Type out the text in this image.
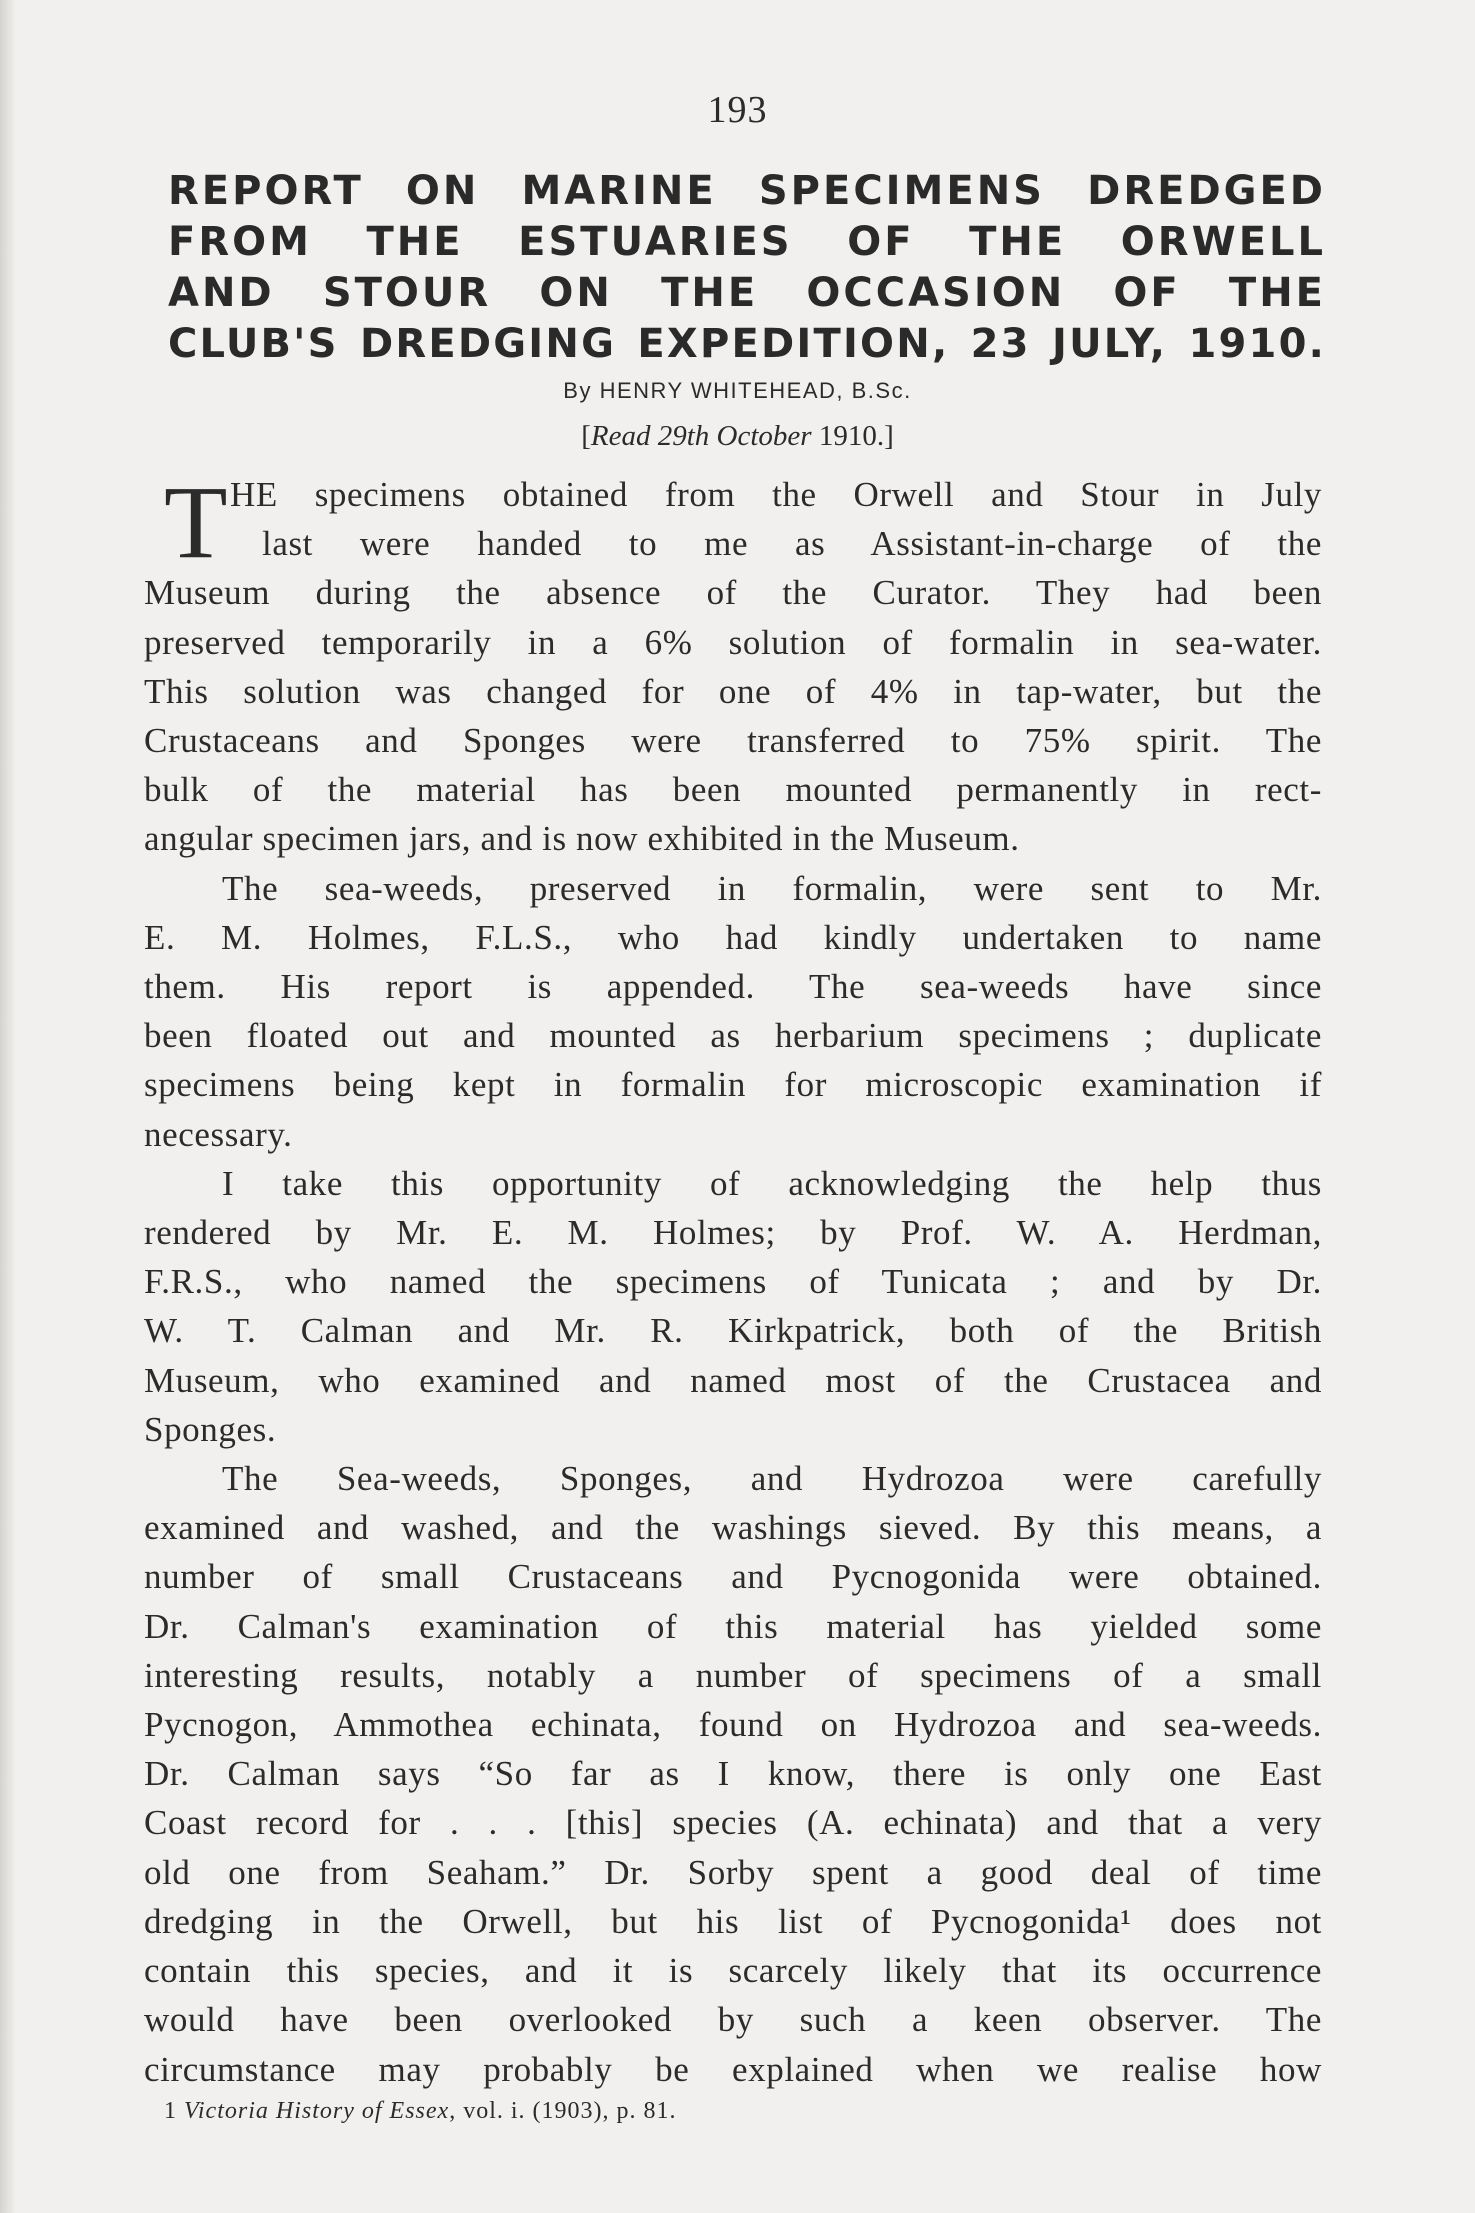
193
REPORT ON MARINE SPECIMENS DREDGED
FROM THE ESTUARIES OF THE ORWELL
AND STOUR ON THE OCCASION OF THE
CLUB'S DREDGING EXPEDITION, 23 JULY, 1910.
By HENRY WHITEHEAD, B.Sc.
[Read 29th October 1910.]
T HE specimens obtained from the Orwell and Stour in July
last were handed to me as Assistant-in-charge of the
Museum during the absence of the Curator. They had been
preserved temporarily in a 6% solution of formalin in sea-water.
This solution was changed for one of 4% in tap-water, but the
Crustaceans and Sponges were transferred to 75% spirit. The
bulk of the material has been mounted permanently in rect-
angular specimen jars, and is now exhibited in the Museum.

The sea-weeds, preserved in formalin, were sent to Mr.
E. M. Holmes, F.L.S., who had kindly undertaken to name
them. His report is appended. The sea-weeds have since
been floated out and mounted as herbarium specimens ; duplicate
specimens being kept in formalin for microscopic examination if
necessary.

I take this opportunity of acknowledging the help thus
rendered by Mr. E. M. Holmes; by Prof. W. A. Herdman,
F.R.S., who named the specimens of Tunicata ; and by Dr.
W. T. Calman and Mr. R. Kirkpatrick, both of the British
Museum, who examined and named most of the Crustacea and
Sponges.

The Sea-weeds, Sponges, and Hydrozoa were carefully
examined and washed, and the washings sieved. By this means, a
number of small Crustaceans and Pycnogonida were obtained.
Dr. Calman's examination of this material has yielded some
interesting results, notably a number of specimens of a small
Pycnogon, Ammothea echinata, found on Hydrozoa and sea-weeds.
Dr. Calman says “So far as I know, there is only one East
Coast record for . . . [this] species (A. echinata) and that a very
old one from Seaham.” Dr. Sorby spent a good deal of time
dredging in the Orwell, but his list of Pycnogonida¹ does not
contain this species, and it is scarcely likely that its occurrence
would have been overlooked by such a keen observer. The
circumstance may probably be explained when we realise how

1 Victoria History of Essex, vol. i. (1903), p. 81.
